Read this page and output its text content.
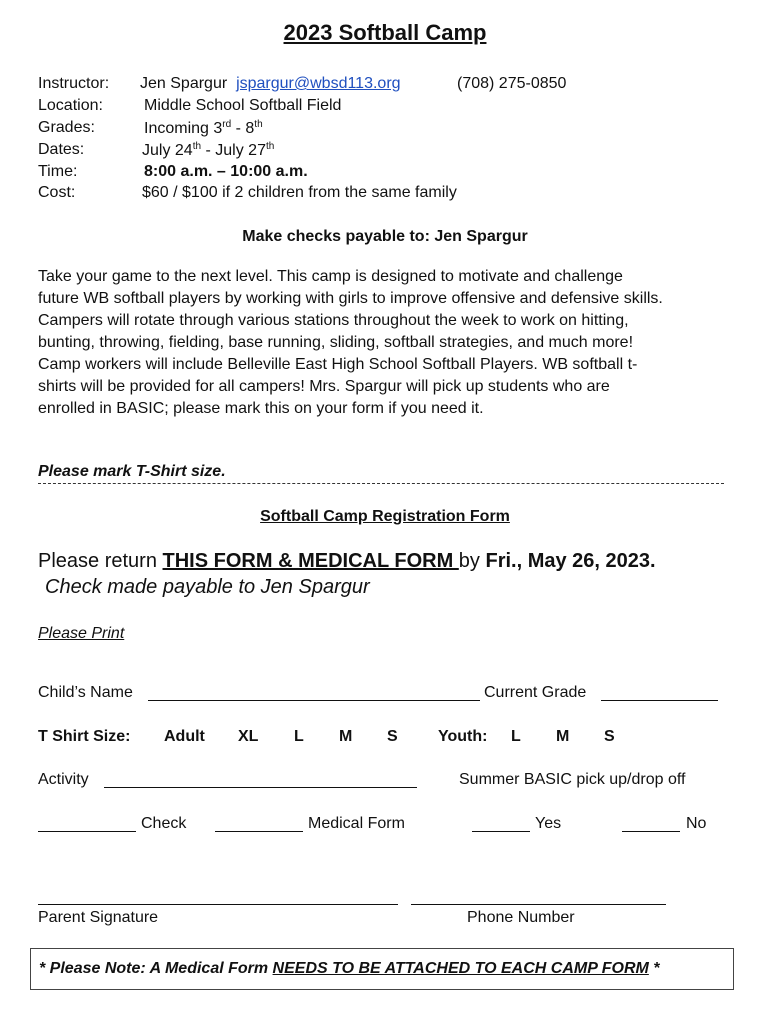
2023 Softball Camp
Instructor: Jen Spargur jspargur@wbsd113.org	(708) 275-0850
Location:	Middle School Softball Field
Grades:	Incoming 3rd - 8th
Dates:	July 24th - July 27th
Time:	8:00 a.m. – 10:00 a.m.
Cost:	$60 / $100 if 2 children from the same family
Make checks payable to: Jen Spargur
Take your game to the next level. This camp is designed to motivate and challenge
future WB softball players by working with girls to improve offensive and defensive skills.
Campers will rotate through various stations throughout the week to work on hitting,
bunting, throwing, fielding, base running, sliding, softball strategies, and much more!
Camp workers will include Belleville East High School Softball Players. WB softball t-
shirts will be provided for all campers! Mrs. Spargur will pick up students who are
enrolled in BASIC; please mark this on your form if you need it.
Please mark T-Shirt size.
Softball Camp Registration Form
Please return THIS FORM & MEDICAL FORM by Fri., May 26, 2023.
Check made payable to Jen Spargur
Please Print
Child’s Name	Current Grade
T Shirt Size: Adult XL L M S	Youth: L M S
Activity	Summer BASIC pick up/drop off
Check	Medical Form	Yes	No
Parent Signature	Phone Number
* Please Note: A Medical Form NEEDS TO BE ATTACHED TO EACH CAMP FORM *
